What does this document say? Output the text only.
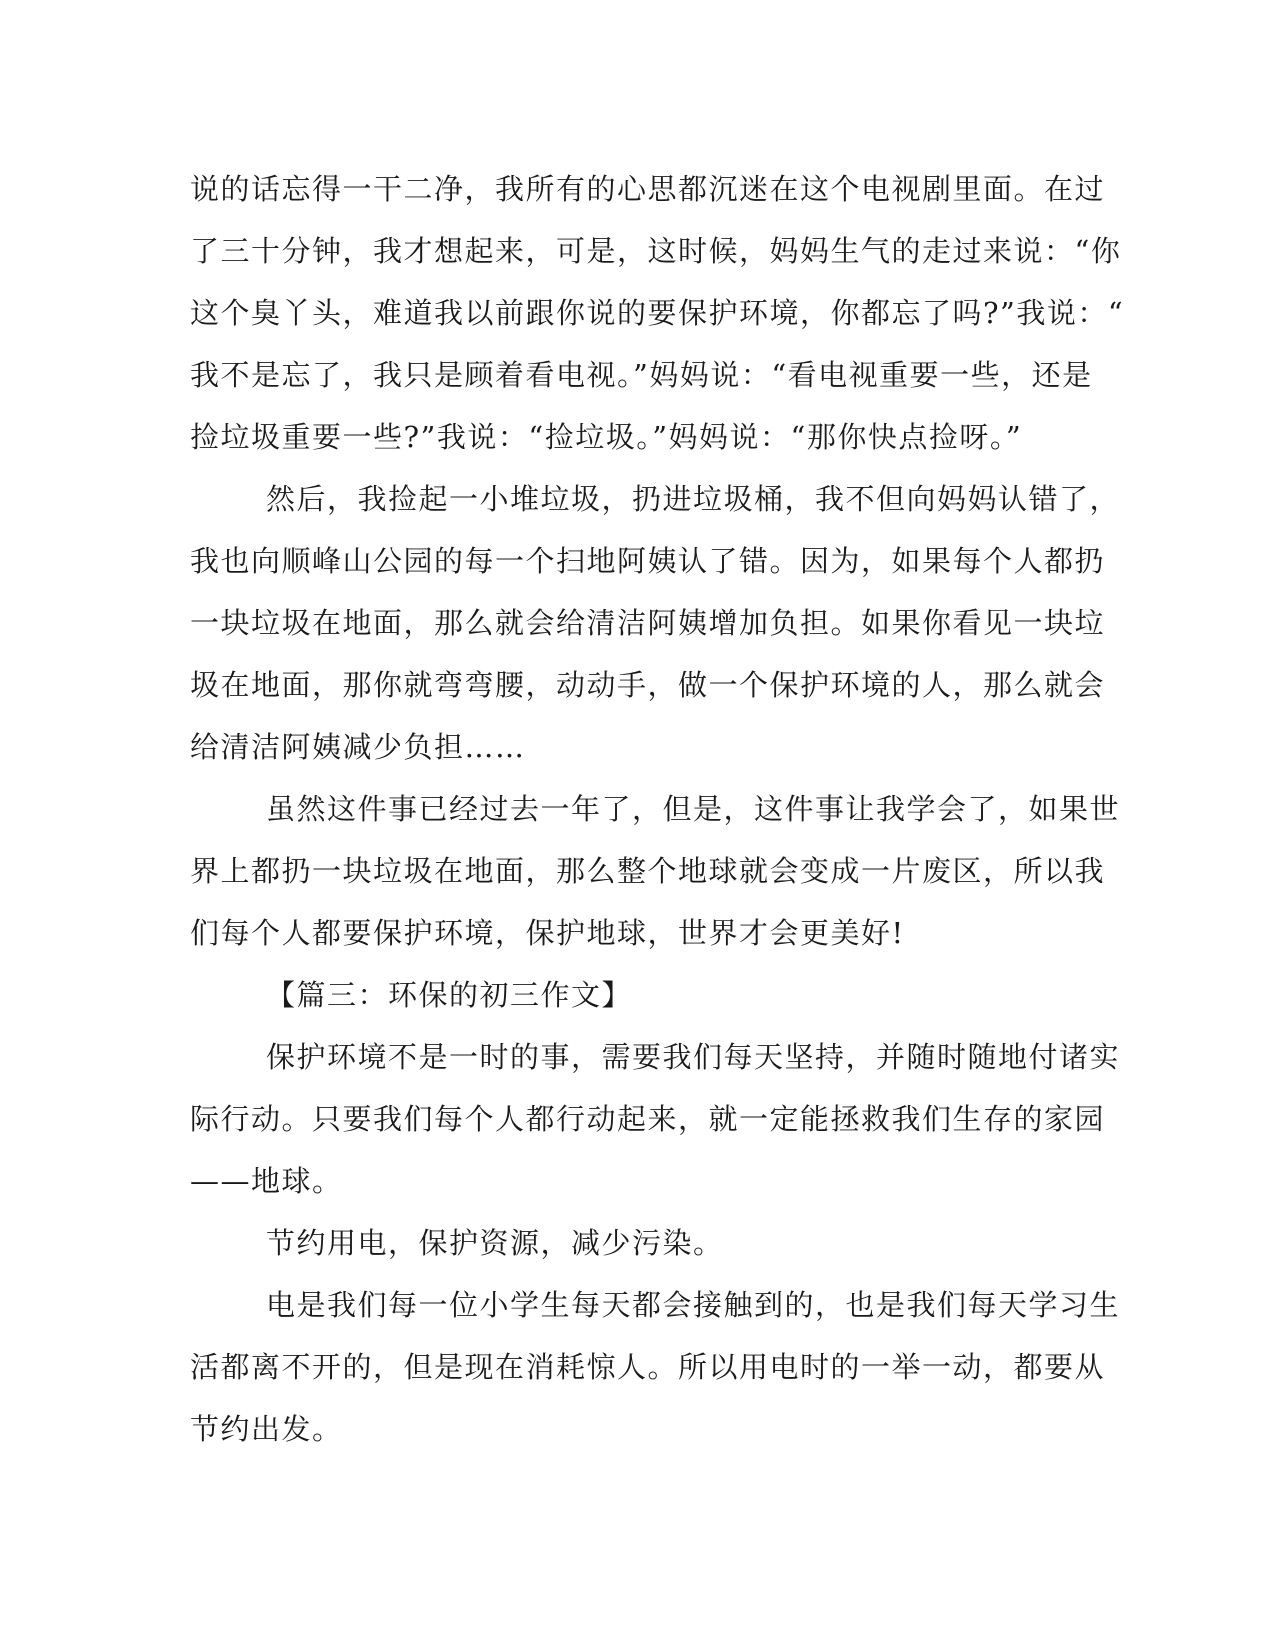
说的话忘得一干二净，我所有的心思都沉迷在这个电视剧里面。在过
了三十分钟，我才想起来，可是，这时候，妈妈生气的走过来说：“你
这个臭丫头，难道我以前跟你说的要保护环境，你都忘了吗?”我说：“
我不是忘了，我只是顾着看电视。”妈妈说：“看电视重要一些，还是
捡垃圾重要一些?”我说：“捡垃圾。”妈妈说：“那你快点捡呀。”
然后，我捡起一小堆垃圾，扔进垃圾桶，我不但向妈妈认错了，
我也向顺峰山公园的每一个扫地阿姨认了错。因为，如果每个人都扔
一块垃圾在地面，那么就会给清洁阿姨增加负担。如果你看见一块垃
圾在地面，那你就弯弯腰，动动手，做一个保护环境的人，那么就会
给清洁阿姨减少负担……
虽然这件事已经过去一年了，但是，这件事让我学会了，如果世
界上都扔一块垃圾在地面，那么整个地球就会变成一片废区，所以我
们每个人都要保护环境，保护地球，世界才会更美好!
【篇三：环保的初三作文】
保护环境不是一时的事，需要我们每天坚持，并随时随地付诸实
际行动。只要我们每个人都行动起来，就一定能拯救我们生存的家园
——地球。
节约用电，保护资源，减少污染。
电是我们每一位小学生每天都会接触到的，也是我们每天学习生
活都离不开的，但是现在消耗惊人。所以用电时的一举一动，都要从
节约出发。
